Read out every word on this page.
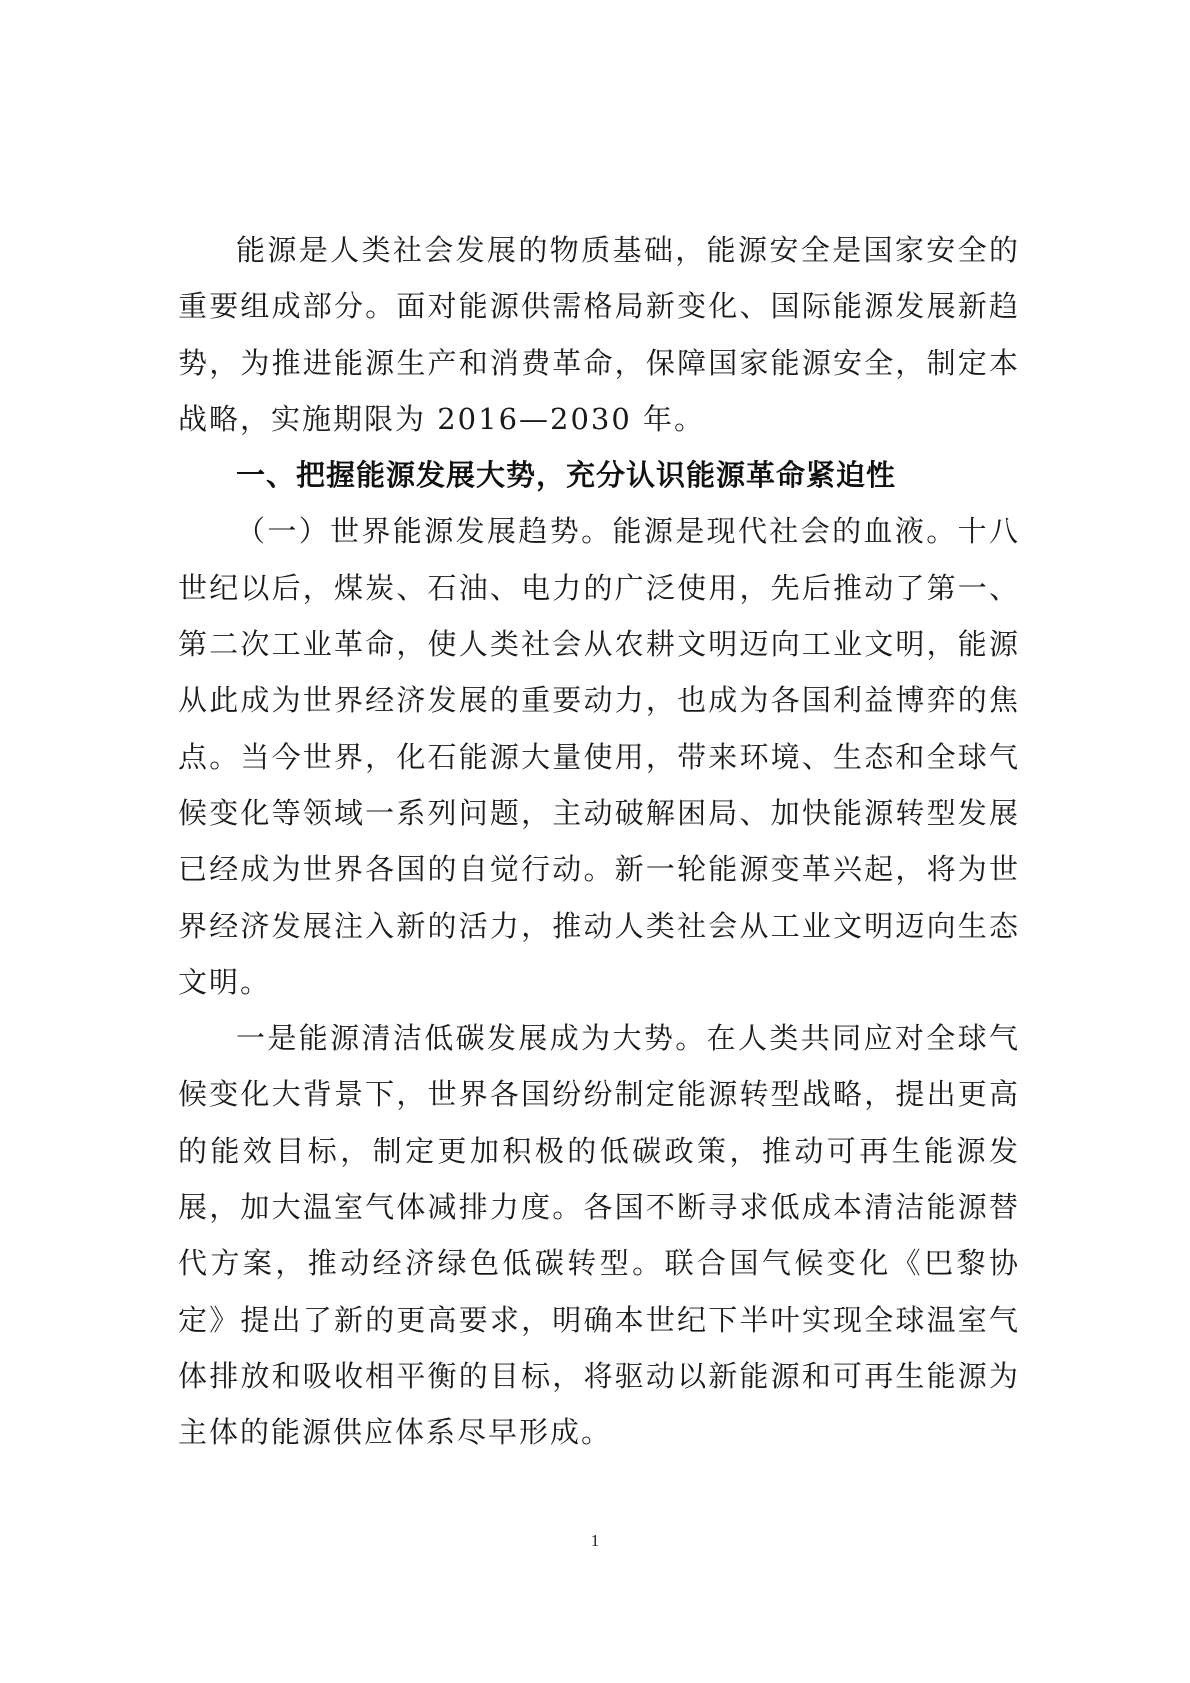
能源是人类社会发展的物质基础，能源安全是国家安全的重要组成部分。面对能源供需格局新变化、国际能源发展新趋势，为推进能源生产和消费革命，保障国家能源安全，制定本战略，实施期限为 2016—2030 年。

一、把握能源发展大势，充分认识能源革命紧迫性

（一）世界能源发展趋势。能源是现代社会的血液。十八世纪以后，煤炭、石油、电力的广泛使用，先后推动了第一、第二次工业革命，使人类社会从农耕文明迈向工业文明，能源从此成为世界经济发展的重要动力，也成为各国利益博弈的焦点。当今世界，化石能源大量使用，带来环境、生态和全球气候变化等领域一系列问题，主动破解困局、加快能源转型发展已经成为世界各国的自觉行动。新一轮能源变革兴起，将为世界经济发展注入新的活力，推动人类社会从工业文明迈向生态文明。

一是能源清洁低碳发展成为大势。在人类共同应对全球气候变化大背景下，世界各国纷纷制定能源转型战略，提出更高的能效目标，制定更加积极的低碳政策，推动可再生能源发展，加大温室气体减排力度。各国不断寻求低成本清洁能源替代方案，推动经济绿色低碳转型。联合国气候变化《巴黎协定》提出了新的更高要求，明确本世纪下半叶实现全球温室气体排放和吸收相平衡的目标，将驱动以新能源和可再生能源为主体的能源供应体系尽早形成。

1
